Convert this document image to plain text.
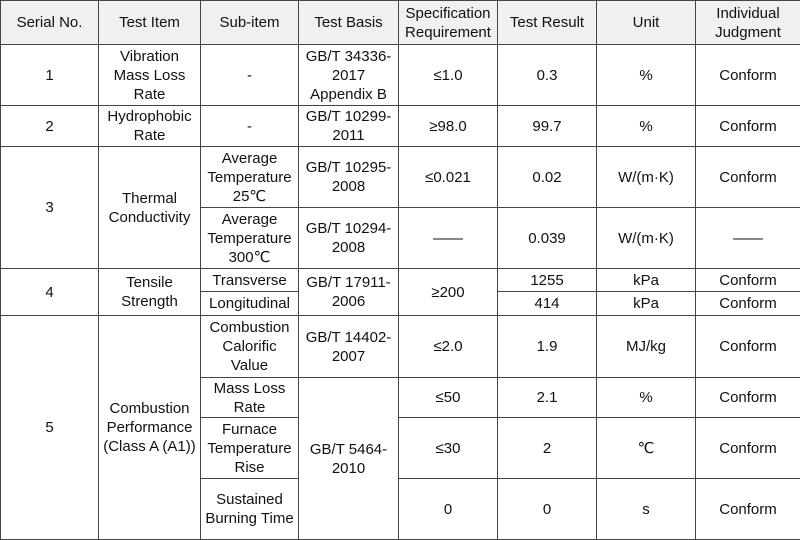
Serial No.	Test Item	Sub-item	Test Basis	Specification Requirement	Test Result	Unit	Individual Judgment
1	Vibration Mass Loss Rate	-	GB/T 34336-2017 Appendix B	≤1.0	0.3	%	Conform
2	Hydrophobic Rate	-	GB/T 10299-2011	≥98.0	99.7	%	Conform
3	Thermal Conductivity	Average Temperature 25℃	GB/T 10295-2008	≤0.021	0.02	W/(m·K)	Conform
		Average Temperature 300℃	GB/T 10294-2008	——	0.039	W/(m·K)	——
4	Tensile Strength	Transverse	GB/T 17911-2006	≥200	1255	kPa	Conform
		Longitudinal			414	kPa	Conform
5	Combustion Performance (Class A (A1))	Combustion Calorific Value	GB/T 14402-2007	≤2.0	1.9	MJ/kg	Conform
		Mass Loss Rate	GB/T 5464-2010	≤50	2.1	%	Conform
		Furnace Temperature Rise		≤30	2	℃	Conform
		Sustained Burning Time		0	0	s	Conform
